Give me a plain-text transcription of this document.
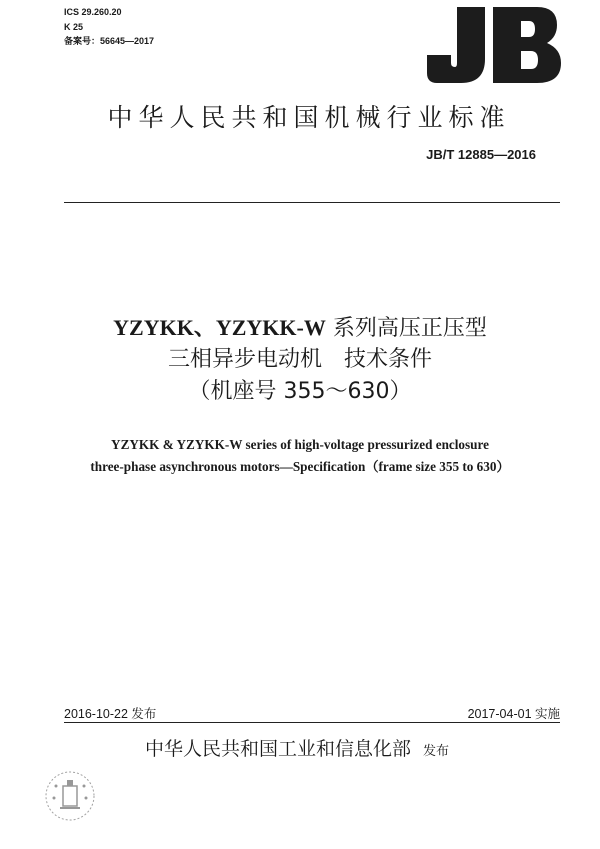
ICS 29.260.20
K 25
备案号：56645—2017
中华人民共和国机械行业标准
JB/T 12885—2016
YZYKK、YZYKK-W 系列高压正压型
三相异步电动机　技术条件
（机座号 355～630）
YZYKK & YZYKK-W series of high-voltage pressurized enclosure
three-phase asynchronous motors—Specification（frame size 355 to 630）
2016-10-22 发布	2017-04-01 实施
中华人民共和国工业和信息化部 发布
